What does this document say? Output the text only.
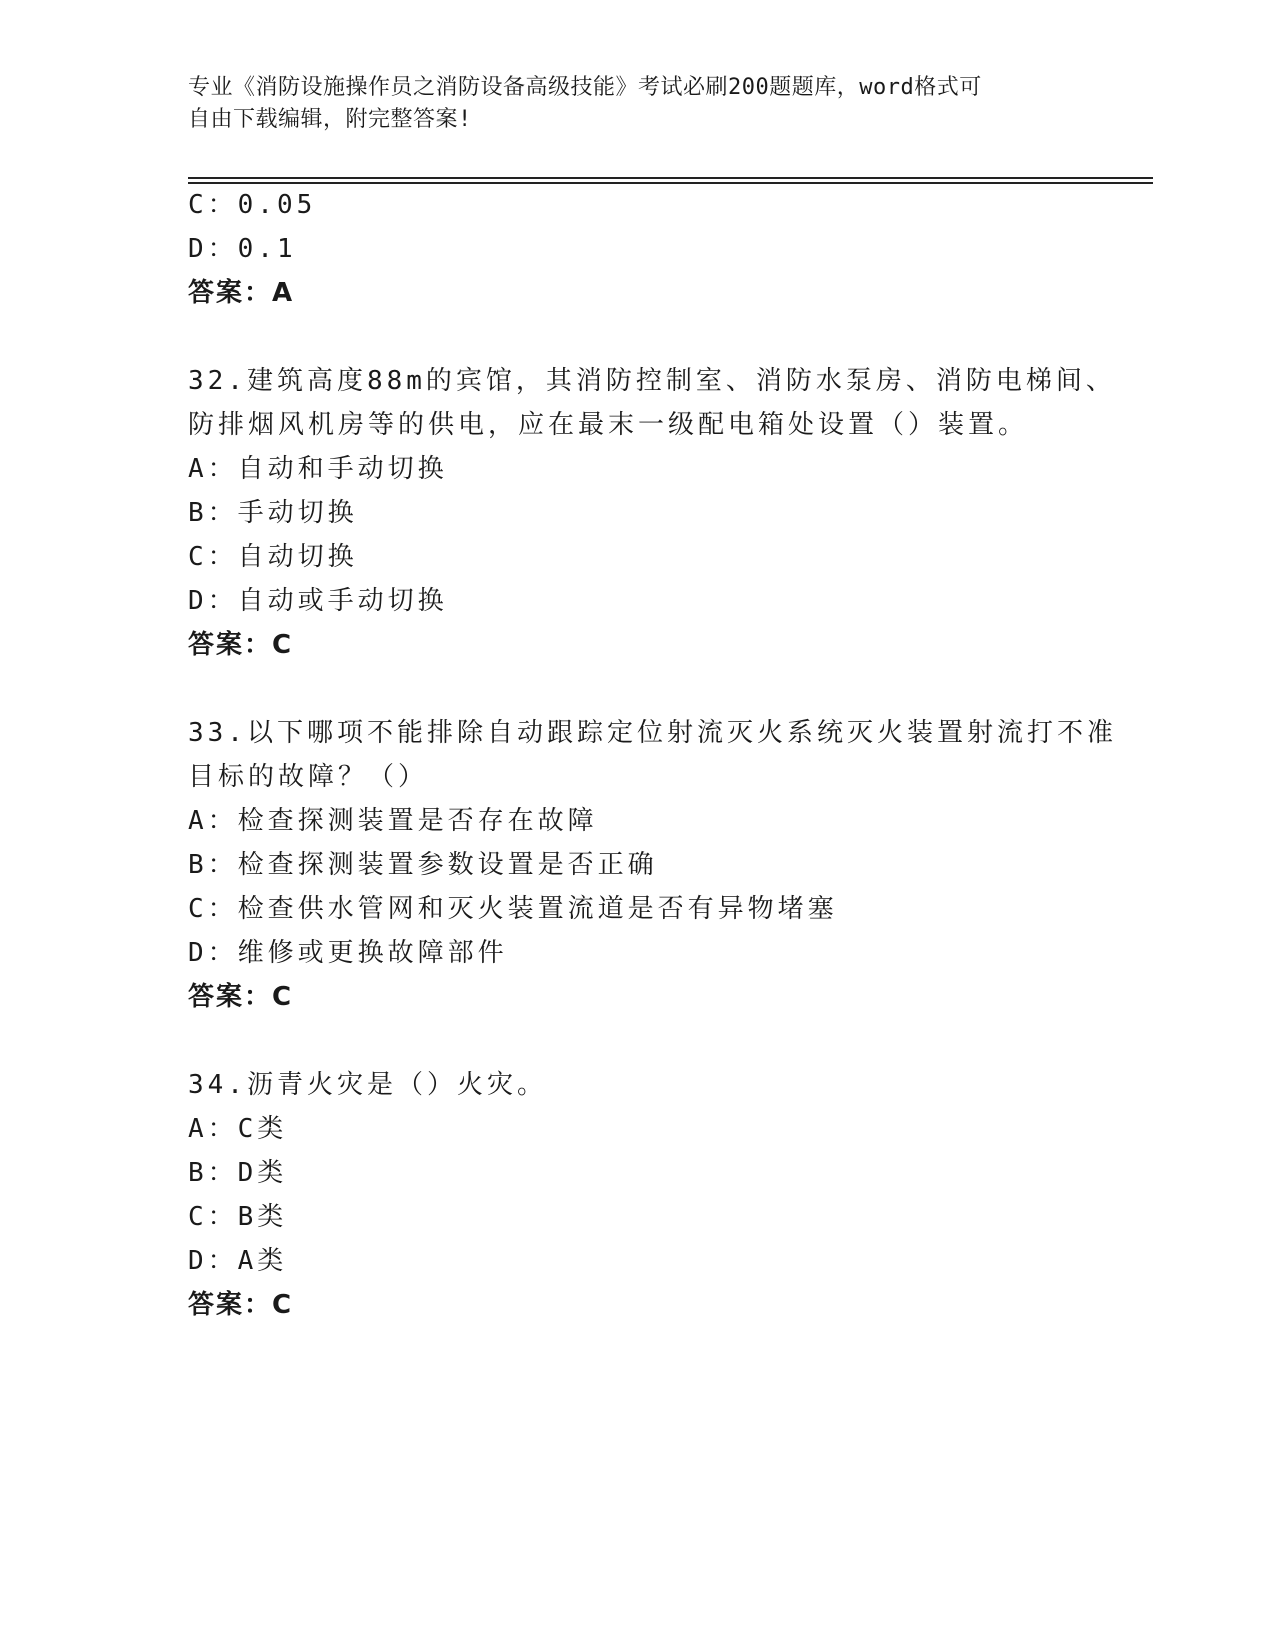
专业《消防设施操作员之消防设备高级技能》考试必刷200题题库，word格式可
自由下载编辑，附完整答案!
C：0.05
D：0.1
答案：A
32.建筑高度88m的宾馆，其消防控制室、消防水泵房、消防电梯间、
防排烟风机房等的供电，应在最末一级配电箱处设置（）装置。
A：自动和手动切换
B：手动切换
C：自动切换
D：自动或手动切换
答案：C
33.以下哪项不能排除自动跟踪定位射流灭火系统灭火装置射流打不准
目标的故障？（）
A：检查探测装置是否存在故障
B：检查探测装置参数设置是否正确
C：检查供水管网和灭火装置流道是否有异物堵塞
D：维修或更换故障部件
答案：C
34.沥青火灾是（）火灾。
A：C类
B：D类
C：B类
D：A类
答案：C
